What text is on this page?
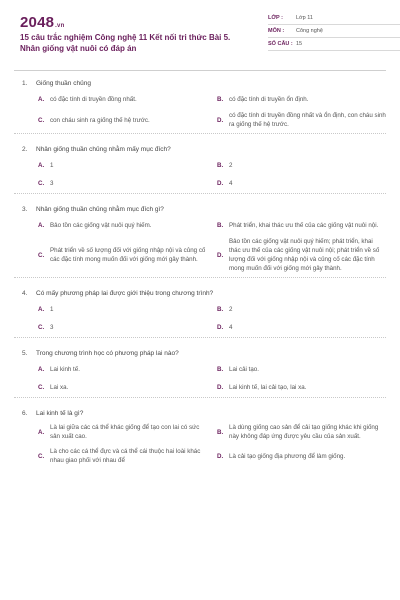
2048.vn
15 câu trắc nghiệm Công nghệ 11 Kết nối tri thức Bài 5. Nhân giống vật nuôi có đáp án
LỚP :	Lớp 11
MÔN :	Công nghệ
SỐ CÂU : 15
1.	Giống thuần chủng
A. có đặc tính di truyền đồng nhất.	B. có đặc tính di truyền ổn định.
C. con cháu sinh ra giống thế hệ trước.	D.
có đặc tính di truyền đồng nhất và ổn định, con cháu sinh ra giống thế hệ trước.
2.	Nhân giống thuần chủng nhằm mấy mục đích?
A. 1	B. 2
C. 3	D. 4
3.	Nhân giống thuần chủng nhằm mục đích gì?
A. Bảo tồn các giống vật nuôi quý hiếm.	B. Phát triển, khai thác ưu thế của các giống vật nuôi nội.
C.
Phát triển về số lượng đối với giống nhập nội và củng cố các đặc tính mong muốn đối với giống mới gây thành.
D.
Bảo tồn các giống vật nuôi quý hiếm; phát triển, khai thác ưu thế của các giống vật nuôi nội; phát triển về số lượng đối với giống nhập nội và củng cố các đặc tính mong muốn đối với giống mới gây thành.
4.	Có mấy phương pháp lai được giới thiệu trong chương trình?
A. 1	B. 2
C. 3	D. 4
5.	Trong chương trình học có phương pháp lai nào?
A. Lai kinh tế.	B. Lai cải tạo.
C. Lai xa.	D. Lai kinh tế, lai cải tạo, lai xa.
6.	Lai kinh tế là gì?
A.
Là lai giữa các cá thể khác giống để tạo con lai có sức sản xuất cao.
B.
Là dùng giống cao sản để cải tạo giống khác khi giống này không đáp ứng được yêu cầu của sản xuất.
C.
Là cho các cá thể đực và cá thể cái thuộc hai loài khác nhau giao phối với nhau để
D. Là cải tạo giống địa phương để làm giống.
